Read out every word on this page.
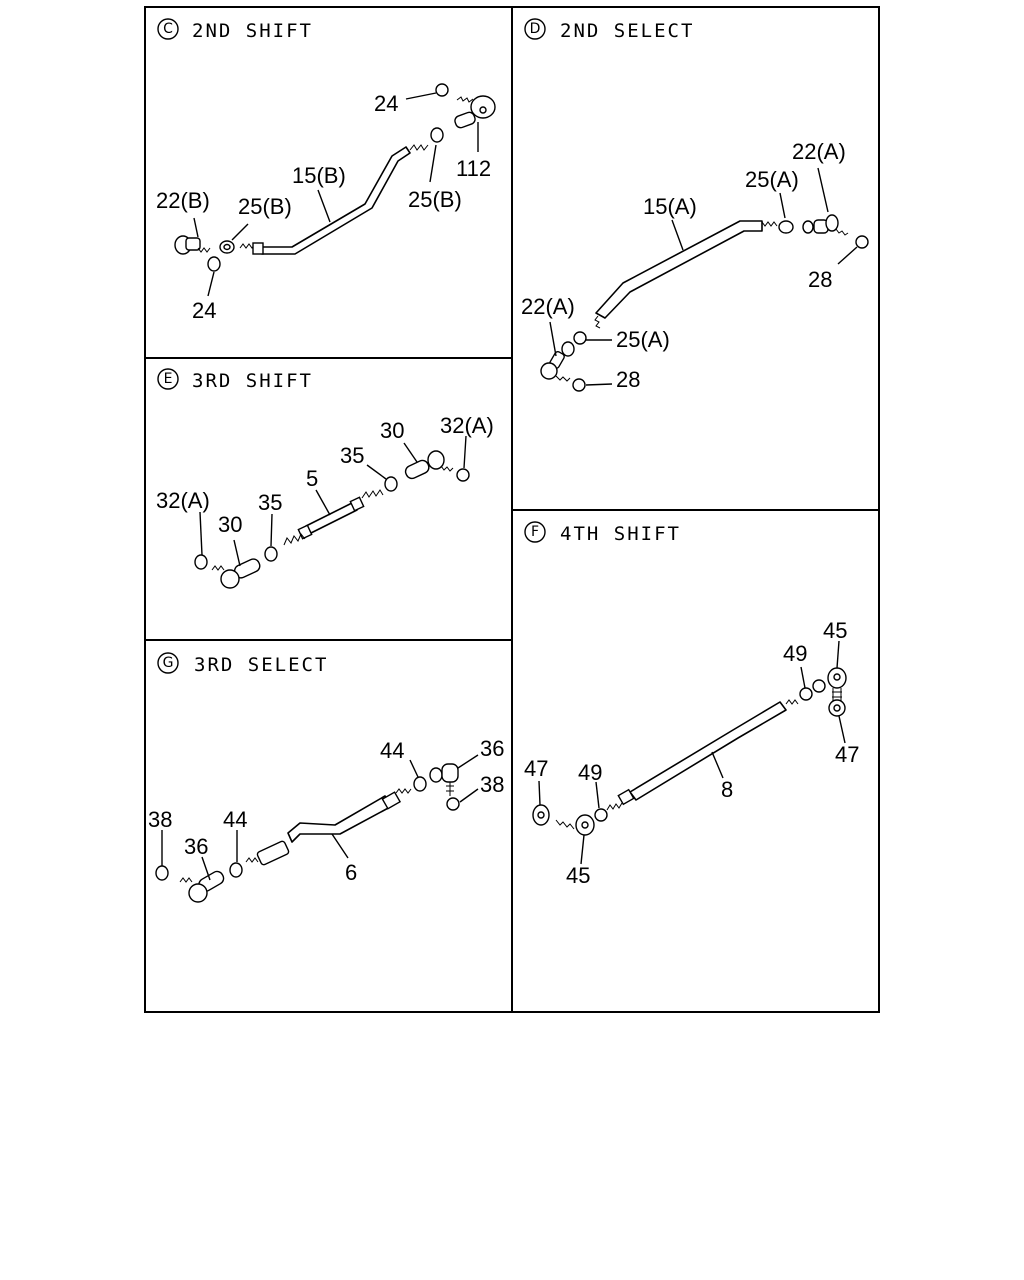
C 2ND SHIFT
24
112
15(B)
25(B)
22(B) 25(B)
24
D 2ND SELECT
22(A)
25(A)
15(A)
28
22(A)
25(A)
28
E 3RD SHIFT
30 32(A)
35
5
32(A) 35
30	F 4TH SHIFT
45
49
47
8
47 49
45
G 3RD SELECT
44	36
38
38 44
36
6
